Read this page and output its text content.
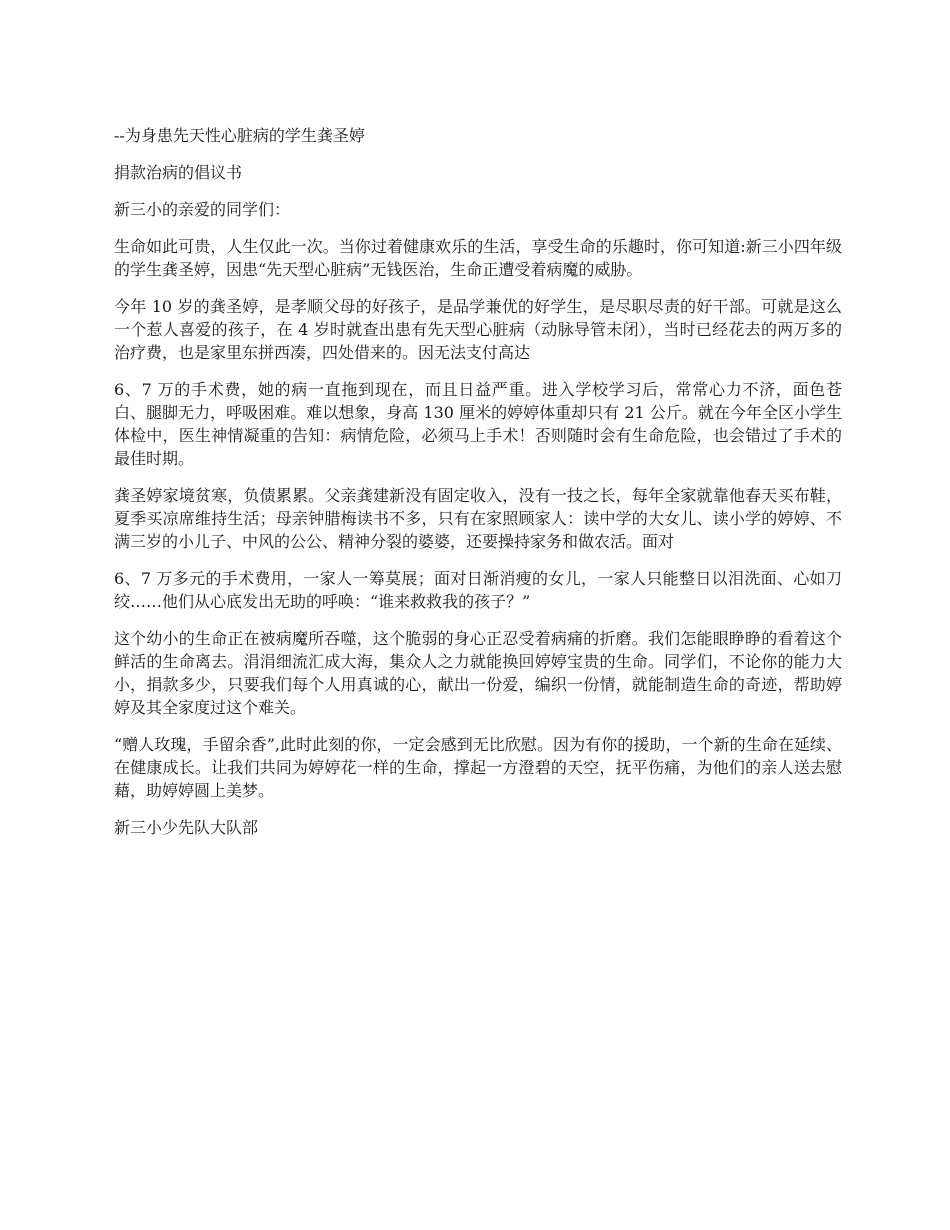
--为身患先天性心脏病的学生龚圣婷

捐款治病的倡议书

新三小的亲爱的同学们：

生命如此可贵，人生仅此一次。当你过着健康欢乐的生活，享受生命的乐趣时，你可知道:新三小四年级的学生龚圣婷，因患“先天型心脏病”无钱医治，生命正遭受着病魔的威胁。

今年 10 岁的龚圣婷，是孝顺父母的好孩子，是品学兼优的好学生，是尽职尽责的好干部。可就是这么一个惹人喜爱的孩子，在 4 岁时就查出患有先天型心脏病（动脉导管未闭），当时已经花去的两万多的治疗费，也是家里东拼西凑，四处借来的。因无法支付高达

6、7 万的手术费，她的病一直拖到现在，而且日益严重。进入学校学习后，常常心力不济，面色苍白、腿脚无力，呼吸困难。难以想象，身高 130 厘米的婷婷体重却只有 21 公斤。就在今年全区小学生体检中，医生神情凝重的告知：病情危险，必须马上手术！否则随时会有生命危险，也会错过了手术的最佳时期。

龚圣婷家境贫寒，负债累累。父亲龚建新没有固定收入，没有一技之长，每年全家就靠他春天买布鞋，夏季买凉席维持生活；母亲钟腊梅读书不多，只有在家照顾家人：读中学的大女儿、读小学的婷婷、不满三岁的小儿子、中风的公公、精神分裂的婆婆，还要操持家务和做农活。面对

6、7 万多元的手术费用，一家人一筹莫展；面对日渐消瘦的女儿，一家人只能整日以泪洗面、心如刀绞……他们从心底发出无助的呼唤：“谁来救救我的孩子？”

这个幼小的生命正在被病魔所吞噬，这个脆弱的身心正忍受着病痛的折磨。我们怎能眼睁睁的看着这个鲜活的生命离去。涓涓细流汇成大海，集众人之力就能换回婷婷宝贵的生命。同学们，不论你的能力大小，捐款多少，只要我们每个人用真诚的心，献出一份爱，编织一份情，就能制造生命的奇迹，帮助婷婷及其全家度过这个难关。

“赠人玫瑰，手留余香”,此时此刻的你，一定会感到无比欣慰。因为有你的援助，一个新的生命在延续、在健康成长。让我们共同为婷婷花一样的生命，撑起一方澄碧的天空，抚平伤痛，为他们的亲人送去慰藉，助婷婷圆上美梦。

新三小少先队大队部
